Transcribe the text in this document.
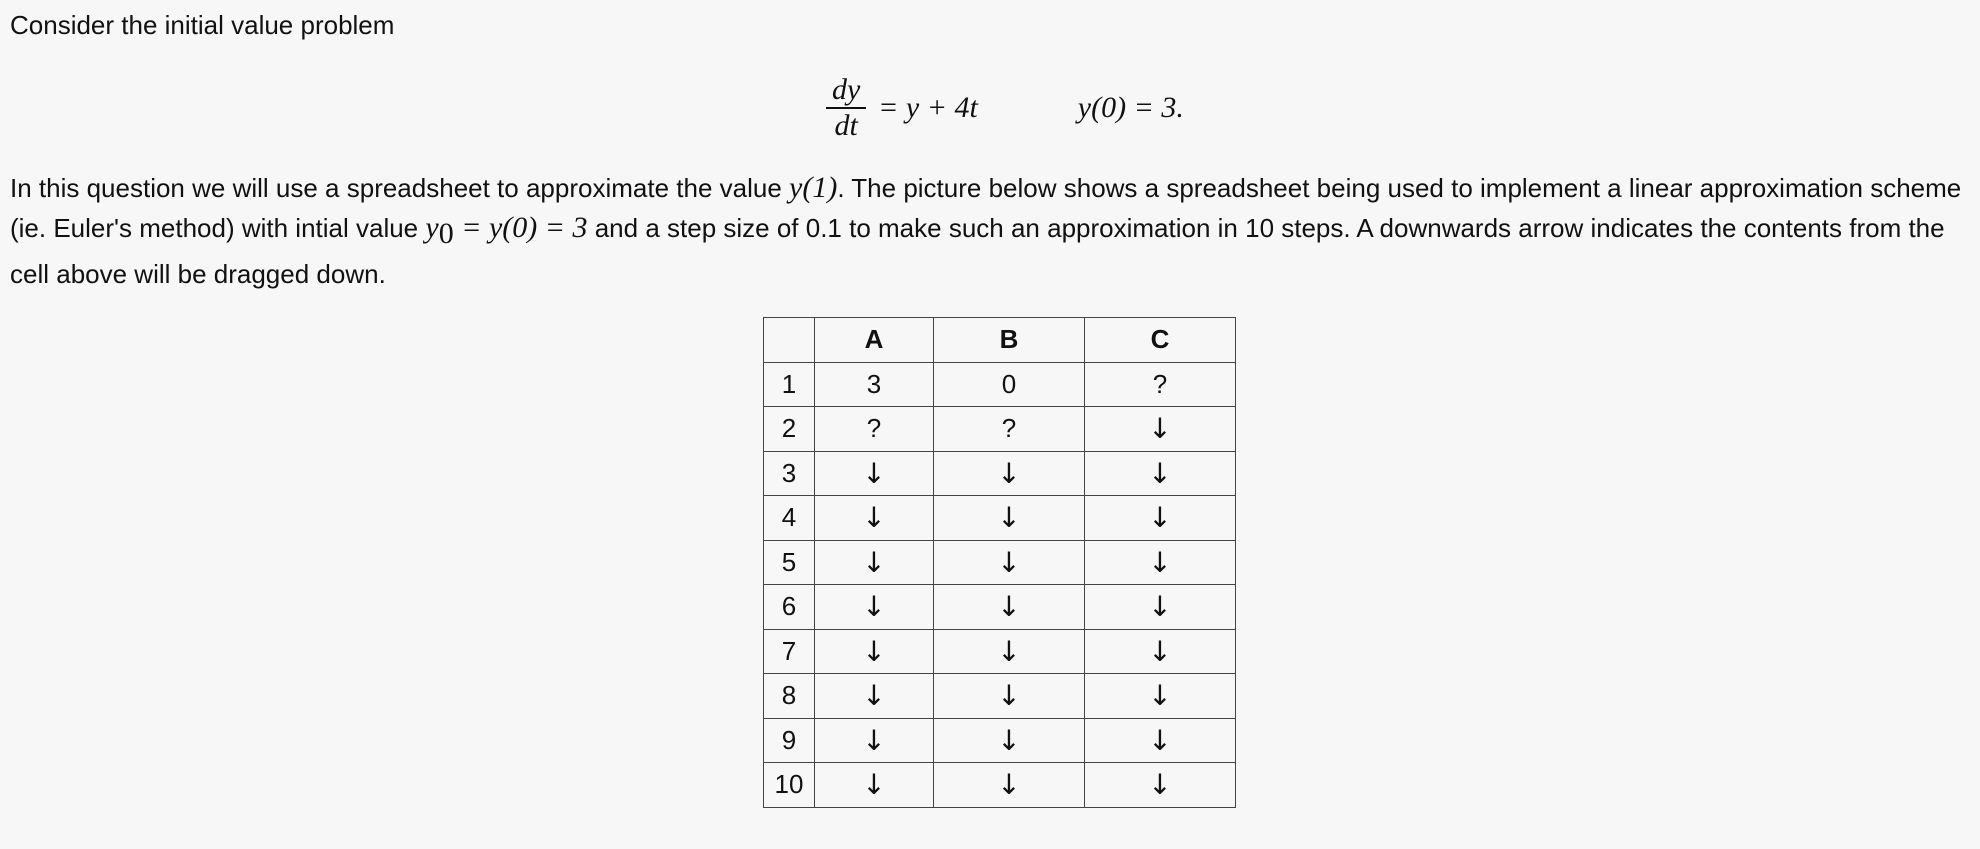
Consider the initial value problem

$\frac{dy}{dt} = y + 4t$	y(0) = 3.

In this question we will use a spreadsheet to approximate the value y(1). The picture below shows a spreadsheet being used to implement a linear approximation scheme (ie. Euler's method) with intial value y0 = y(0) = 3 and a step size of 0.1 to make such an approximation in 10 steps. A downwards arrow indicates the contents from the cell above will be dragged down.

	A	B	C
1	3	0	?
2	?	?	↓
3	↓	↓	↓
4	↓	↓	↓
5	↓	↓	↓
6	↓	↓	↓
7	↓	↓	↓
8	↓	↓	↓
9	↓	↓	↓
10	↓	↓	↓
